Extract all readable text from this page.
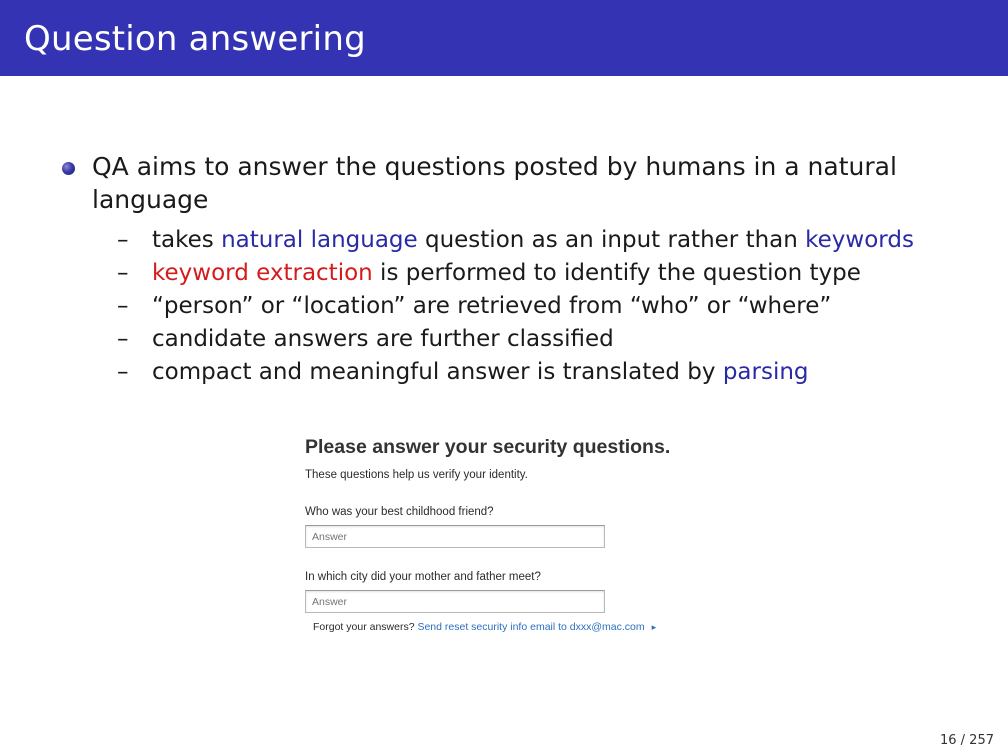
Question answering
QA aims to answer the questions posted by humans in a natural language
– takes natural language question as an input rather than keywords
– keyword extraction is performed to identify the question type
– “person” or “location” are retrieved from “who” or “where”
– candidate answers are further classified
– compact and meaningful answer is translated by parsing
Please answer your security questions.
These questions help us verify your identity.
Who was your best childhood friend?
Answer
In which city did your mother and father meet?
Answer
Forgot your answers? Send reset security info email to dxxx@mac.com ▸
16 / 257
